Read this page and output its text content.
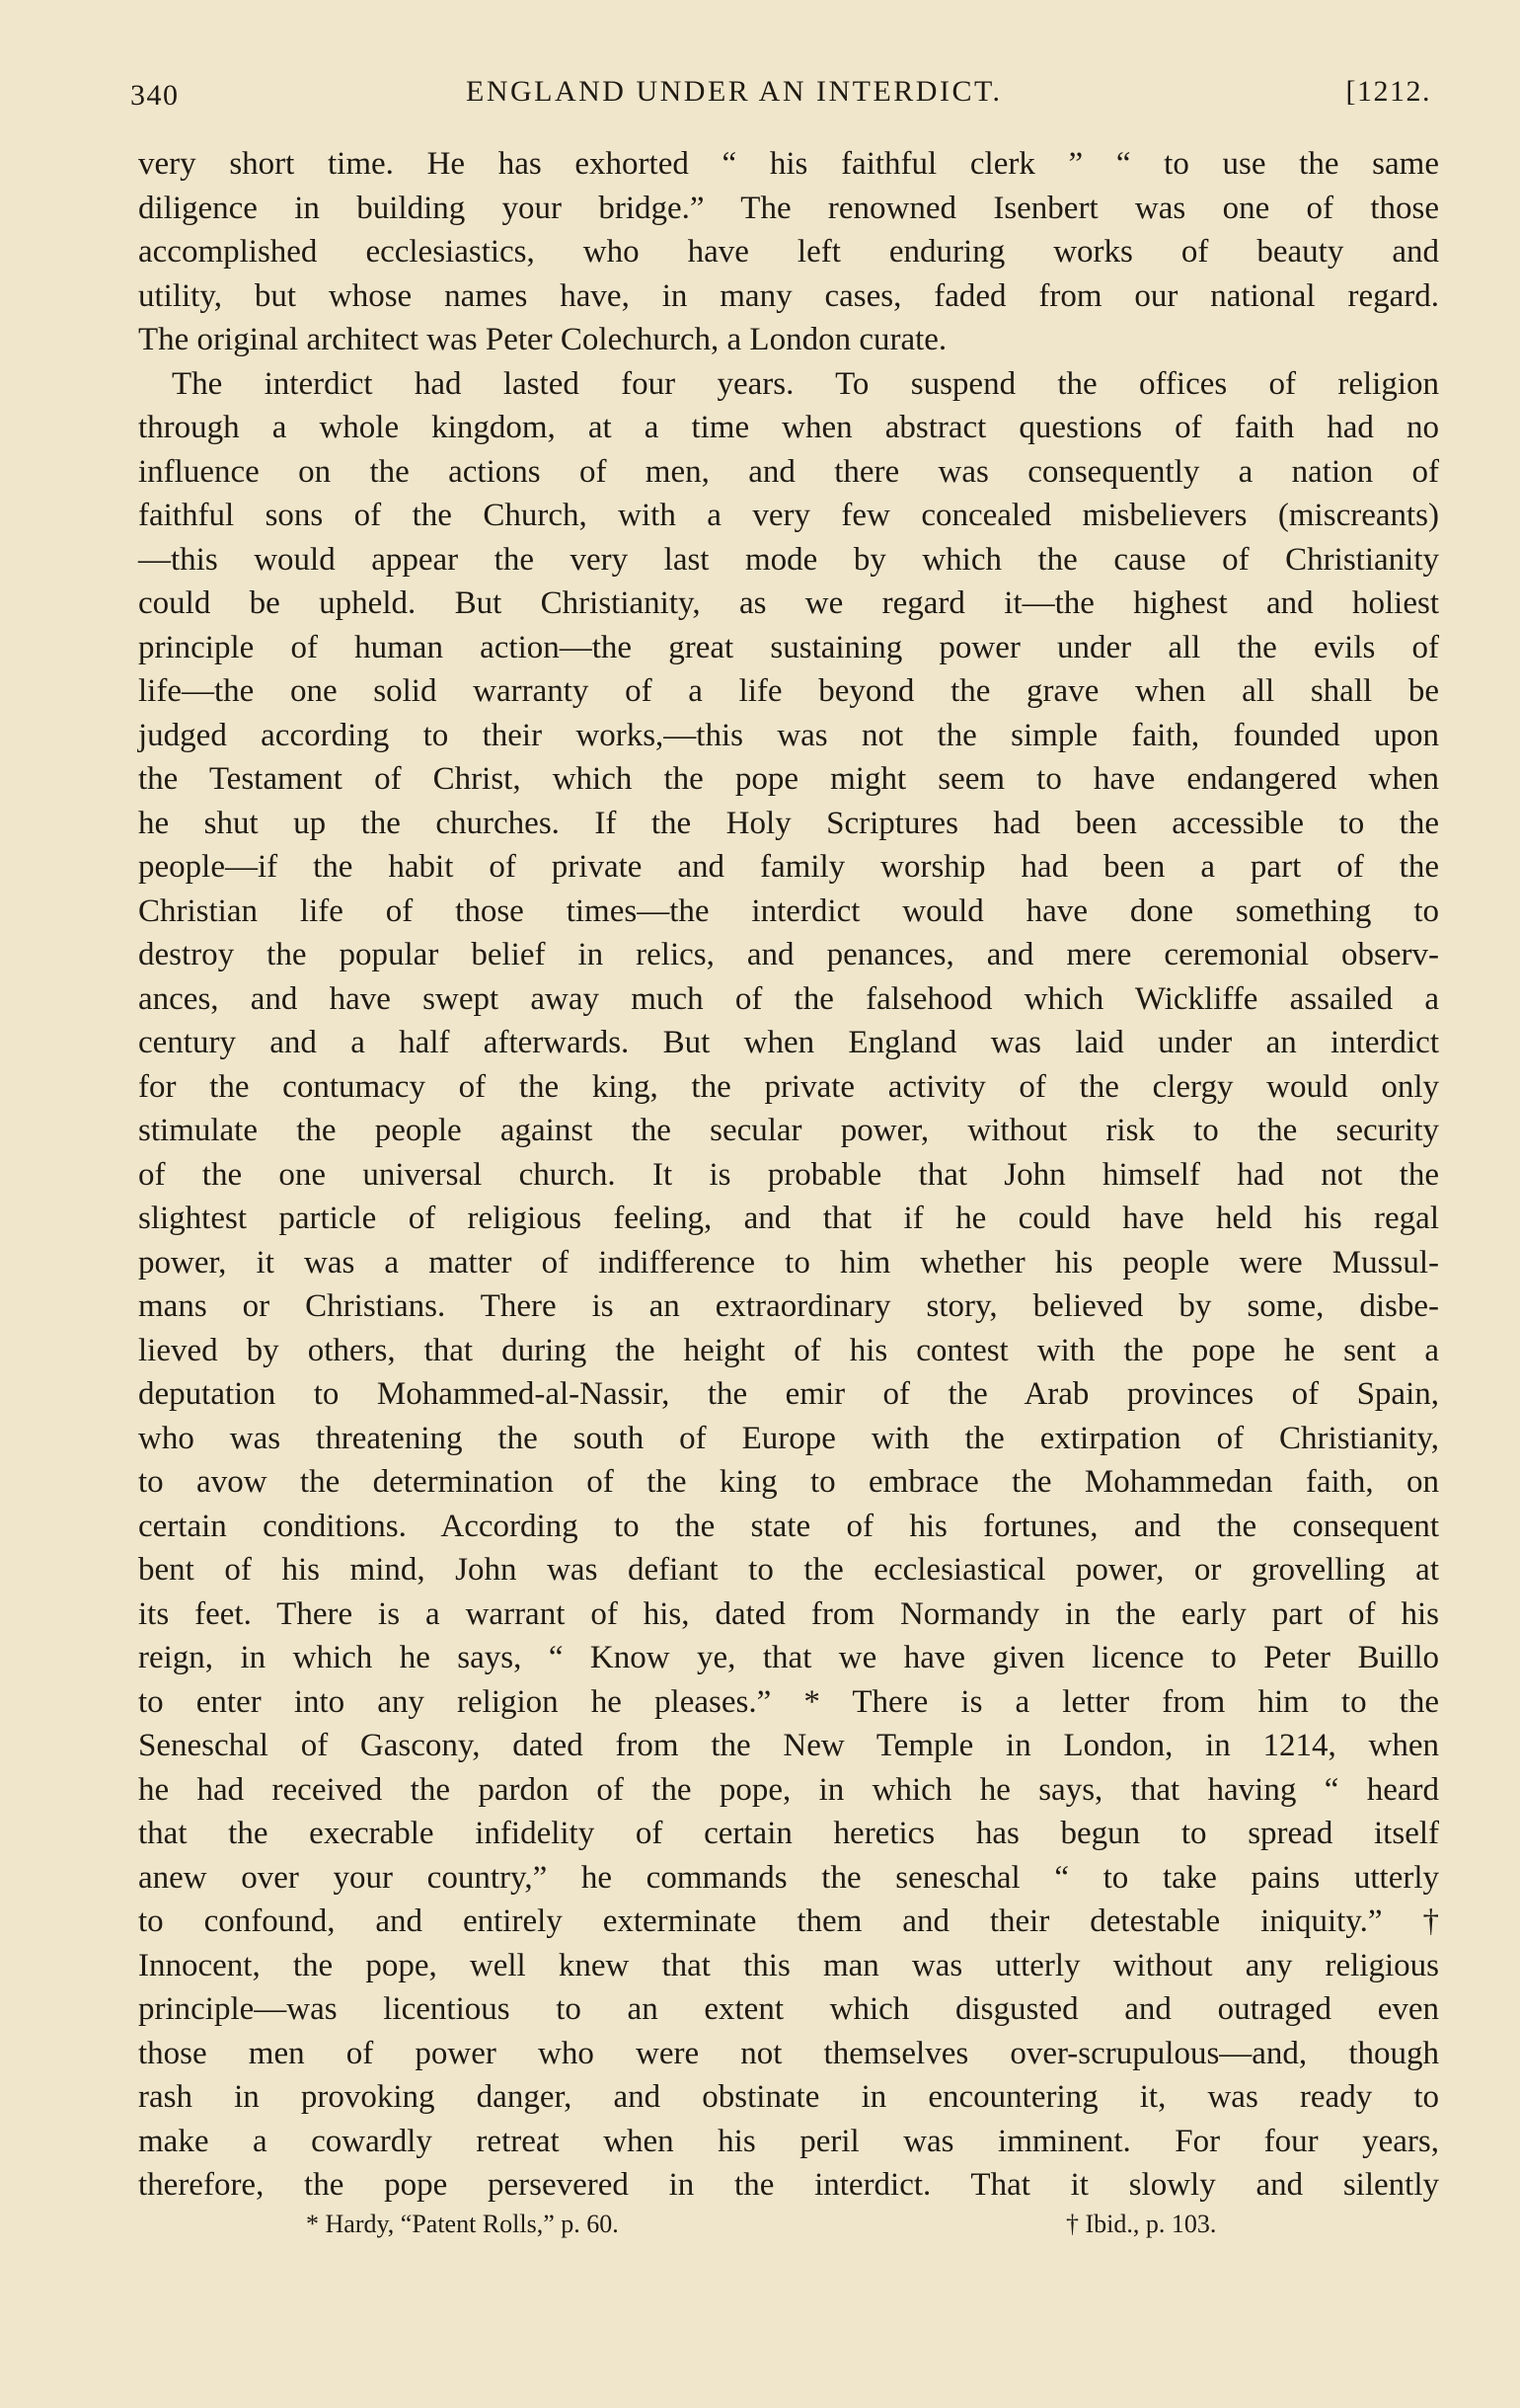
340	ENGLAND UNDER AN INTERDICT.	[1212.
very short time. He has exhorted “ his faithful clerk ” “ to use the same
diligence in building your bridge.” The renowned Isenbert was one of those
accomplished ecclesiastics, who have left enduring works of beauty and
utility, but whose names have, in many cases, faded from our national regard.
The original architect was Peter Colechurch, a London curate.
The interdict had lasted four years. To suspend the offices of religion
through a whole kingdom, at a time when abstract questions of faith had no
influence on the actions of men, and there was consequently a nation of
faithful sons of the Church, with a very few concealed misbelievers (miscreants)
—this would appear the very last mode by which the cause of Christianity
could be upheld. But Christianity, as we regard it—the highest and holiest
principle of human action—the great sustaining power under all the evils of
life—the one solid warranty of a life beyond the grave when all shall be
judged according to their works,—this was not the simple faith, founded upon
the Testament of Christ, which the pope might seem to have endangered when
he shut up the churches. If the Holy Scriptures had been accessible to the
people—if the habit of private and family worship had been a part of the
Christian life of those times—the interdict would have done something to
destroy the popular belief in relics, and penances, and mere ceremonial observ-
ances, and have swept away much of the falsehood which Wickliffe assailed a
century and a half afterwards. But when England was laid under an interdict
for the contumacy of the king, the private activity of the clergy would only
stimulate the people against the secular power, without risk to the security
of the one universal church. It is probable that John himself had not the
slightest particle of religious feeling, and that if he could have held his regal
power, it was a matter of indifference to him whether his people were Mussul-
mans or Christians. There is an extraordinary story, believed by some, disbe-
lieved by others, that during the height of his contest with the pope he sent a
deputation to Mohammed-al-Nassir, the emir of the Arab provinces of Spain,
who was threatening the south of Europe with the extirpation of Christianity,
to avow the determination of the king to embrace the Mohammedan faith, on
certain conditions. According to the state of his fortunes, and the consequent
bent of his mind, John was defiant to the ecclesiastical power, or grovelling at
its feet. There is a warrant of his, dated from Normandy in the early part of his
reign, in which he says, “ Know ye, that we have given licence to Peter Buillo
to enter into any religion he pleases.” * There is a letter from him to the
Seneschal of Gascony, dated from the New Temple in London, in 1214, when
he had received the pardon of the pope, in which he says, that having “ heard
that the execrable infidelity of certain heretics has begun to spread itself
anew over your country,” he commands the seneschal “ to take pains utterly
to confound, and entirely exterminate them and their detestable iniquity.” †
Innocent, the pope, well knew that this man was utterly without any religious
principle—was licentious to an extent which disgusted and outraged even
those men of power who were not themselves over-scrupulous—and, though
rash in provoking danger, and obstinate in encountering it, was ready to
make a cowardly retreat when his peril was imminent. For four years,
therefore, the pope persevered in the interdict. That it slowly and silently
* Hardy, “Patent Rolls,” p. 60.	† Ibid., p. 103.
